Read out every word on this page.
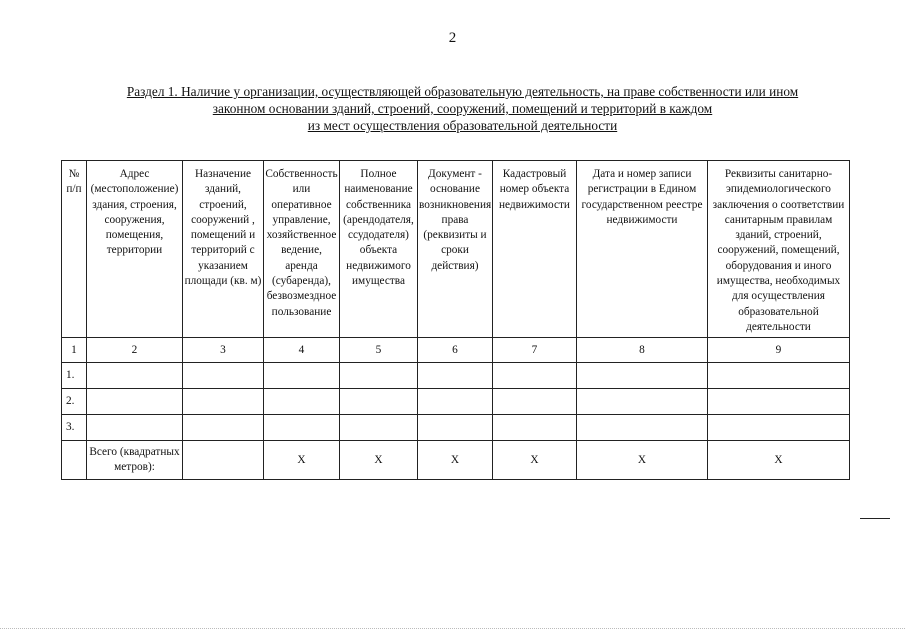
2
Раздел 1. Наличие у организации, осуществляющей образовательную деятельность, на праве собственности или ином
законном основании зданий, строений, сооружений, помещений и территорий в каждом
из мест осуществления образовательной деятельности
№ п/п	Адрес (местоположение) здания, строения, сооружения, помещения, территории	Назначение зданий, строений, сооружений , помещений и территорий с указанием площади (кв. м)	Собственность или оперативное управление, хозяйственное ведение, аренда (субаренда), безвозмездное пользование	Полное наименование собственника (арендодателя, ссудодателя) объекта недвижимого имущества	Документ - основание возникновения права (реквизиты и сроки действия)	Кадастровый номер объекта недвижимости	Дата и номер записи регистрации в Едином государственном реестре недвижимости	Реквизиты санитарно-эпидемиологического заключения о соответствии санитарным правилам зданий, строений, сооружений, помещений, оборудования и иного имущества, необходимых для осуществления образовательной деятельности
1	2	3	4	5	6	7	8	9
1.								
2.								
3.								
	Всего (квадратных метров):		X	X	X	X	X	X
